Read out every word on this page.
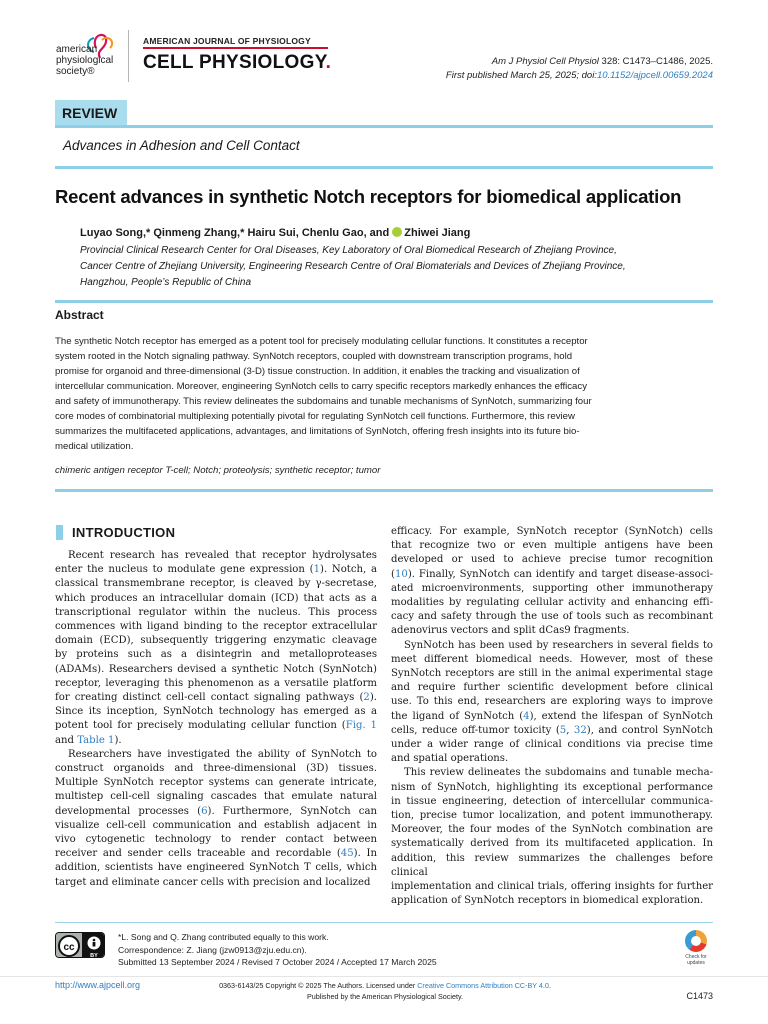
american
physiological
society®
AMERICAN JOURNAL OF PHYSIOLOGY
CELL PHYSIOLOGY.	Am J Physiol Cell Physiol 328: C1473–C1486, 2025.
First published March 25, 2025; doi:10.1152/ajpcell.00659.2024
REVIEW
Advances in Adhesion and Cell Contact
Recent advances in synthetic Notch receptors for biomedical application
Luyao Song,* Qinmeng Zhang,* Hairu Sui, Chenlu Gao, and Zhiwei Jiang
Provincial Clinical Research Center for Oral Diseases, Key Laboratory of Oral Biomedical Research of Zhejiang Province,
Cancer Centre of Zhejiang University, Engineering Research Centre of Oral Biomaterials and Devices of Zhejiang Province,
Hangzhou, People’s Republic of China
Abstract
The synthetic Notch receptor has emerged as a potent tool for precisely modulating cellular functions. It constitutes a receptor
system rooted in the Notch signaling pathway. SynNotch receptors, coupled with downstream transcription programs, hold
promise for organoid and three-dimensional (3-D) tissue construction. In addition, it enables the tracking and visualization of
intercellular communication. Moreover, engineering SynNotch cells to carry specific receptors markedly enhances the efficacy
and safety of immunotherapy. This review delineates the subdomains and tunable mechanisms of SynNotch, summarizing four
core modes of combinatorial multiplexing potentially pivotal for regulating SynNotch cell functions. Furthermore, this review
summarizes the multifaceted applications, advantages, and limitations of SynNotch, offering fresh insights into its future bio-
medical utilization.
chimeric antigen receptor T-cell; Notch; proteolysis; synthetic receptor; tumor
INTRODUCTION
Recent research has revealed that receptor hydrolysates
enter the nucleus to modulate gene expression (1). Notch, a
classical transmembrane receptor, is cleaved by γ-secretase,
which produces an intracellular domain (ICD) that acts as a
transcriptional regulator within the nucleus. This process
commences with ligand binding to the receptor extracellular
domain (ECD), subsequently triggering enzymatic cleavage
by proteins such as a disintegrin and metalloproteases
(ADAMs). Researchers devised a synthetic Notch (SynNotch)
receptor, leveraging this phenomenon as a versatile platform
for creating distinct cell-cell contact signaling pathways (2).
Since its inception, SynNotch technology has emerged as a
potent tool for precisely modulating cellular function (Fig. 1
and Table 1).
Researchers have investigated the ability of SynNotch to
construct organoids and three-dimensional (3D) tissues.
Multiple SynNotch receptor systems can generate intricate,
multistep cell-cell signaling cascades that emulate natural
developmental processes (6). Furthermore, SynNotch can
visualize cell-cell communication and establish adjacent in
vivo cytogenetic technology to render contact between
receiver and sender cells traceable and recordable (45). In
addition, scientists have engineered SynNotch T cells, which
target and eliminate cancer cells with precision and localized
efficacy. For example, SynNotch receptor (SynNotch) cells
that recognize two or even multiple antigens have been
developed or used to achieve precise tumor recognition
(10). Finally, SynNotch can identify and target disease-associ-
ated microenvironments, supporting other immunotherapy
modalities by regulating cellular activity and enhancing effi-
cacy and safety through the use of tools such as recombinant
adenovirus vectors and split dCas9 fragments.
SynNotch has been used by researchers in several fields to
meet different biomedical needs. However, most of these
SynNotch receptors are still in the animal experimental stage
and require further scientific development before clinical
use. To this end, researchers are exploring ways to improve
the ligand of SynNotch (4), extend the lifespan of SynNotch
cells, reduce off-tumor toxicity (5, 32), and control SynNotch
under a wider range of clinical conditions via precise time
and spatial operations.
This review delineates the subdomains and tunable mecha-
nism of SynNotch, highlighting its exceptional performance
in tissue engineering, detection of intercellular communica-
tion, precise tumor localization, and potent immunotherapy.
Moreover, the four modes of the SynNotch combination are
systematically derived from its multifaceted application. In
addition, this review summarizes the challenges before clinical
implementation and clinical trials, offering insights for further
application of SynNotch receptors in biomedical exploration.
cc
BY
*L. Song and Q. Zhang contributed equally to this work.
Correspondence: Z. Jiang (jzw0913@zju.edu.cn).
Submitted 13 September 2024 / Revised 7 October 2024 / Accepted 17 March 2025	Check for updates
http://www.ajpcell.org	0363-6143/25 Copyright © 2025 The Authors. Licensed under Creative Commons Attribution CC-BY 4.0.
Published by the American Physiological Society.	C1473
